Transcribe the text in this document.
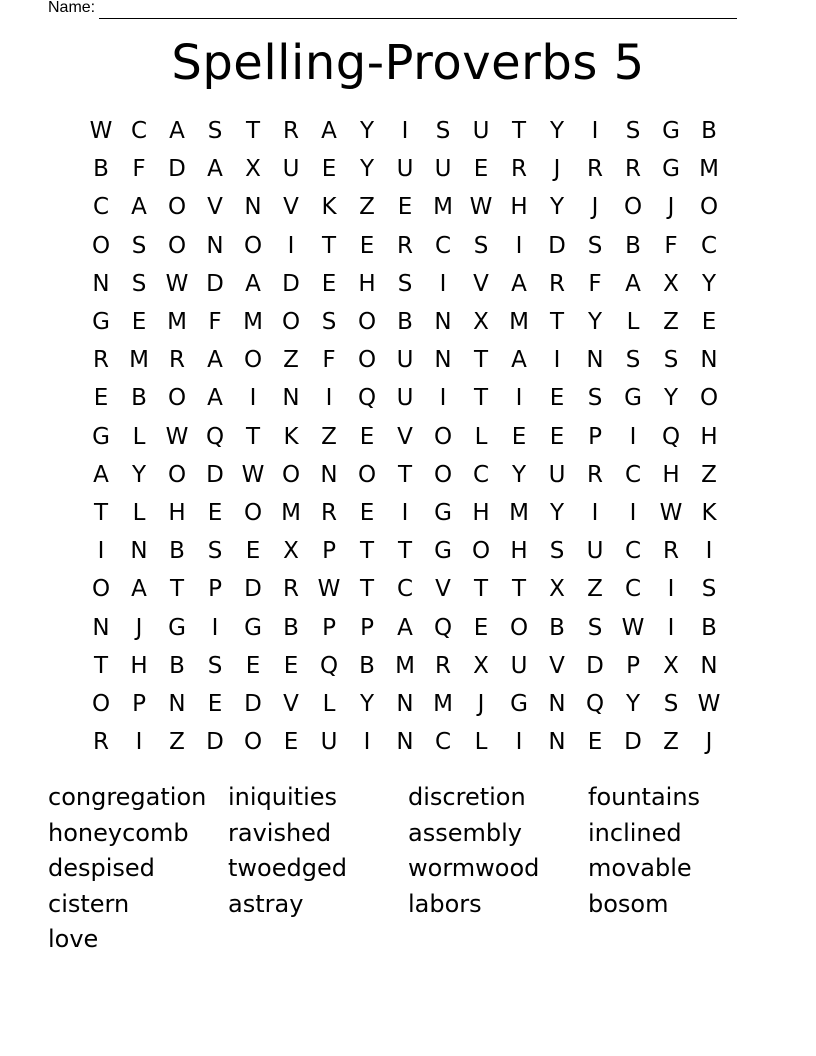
Name:
Spelling-Proverbs 5
W C A S	T R A	Y	I	S U T	Y	I	S G B
B	F D A X U E	Y U U E R	J	R R G M
C A O V N V K Z E M W H Y	J	O	J	O
O S O N O	I	T	E R C S	I	D S B	F	C
N S W D A D E H S	I	V A R	F	A X	Y
G E M F M O S O B N X M T	Y	L	Z E
R M R A O Z	F O U N T	A	I	N S	S N
E B O A	I	N	I	Q U	I	T	I	E	S G Y O
G L W Q T	K Z E V O L	E	E	P	I	Q H
A	Y O D W O N O T O C Y U R C H Z
T	L H E O M R E	I	G H M Y	I	I	W K
I	N B S	E X	P	T	T G O H S U C R	I
O A	T	P D R W T C V	T	T	X Z C	I	S
N	J	G	I	G B	P	P	A Q E O B S W	I	B
T H B S	E	E Q B M R X U V D P	X N
O P N E D V	L	Y N M	J	G N Q Y	S W
R	I	Z D O E U	I	N C	L	I	N E D Z	J
congregation iniquities	discretion	fountains
honeycomb	ravished	assembly	inclined
despised	twoedged	wormwood	movable
cistern	astray	labors	bosom
love
